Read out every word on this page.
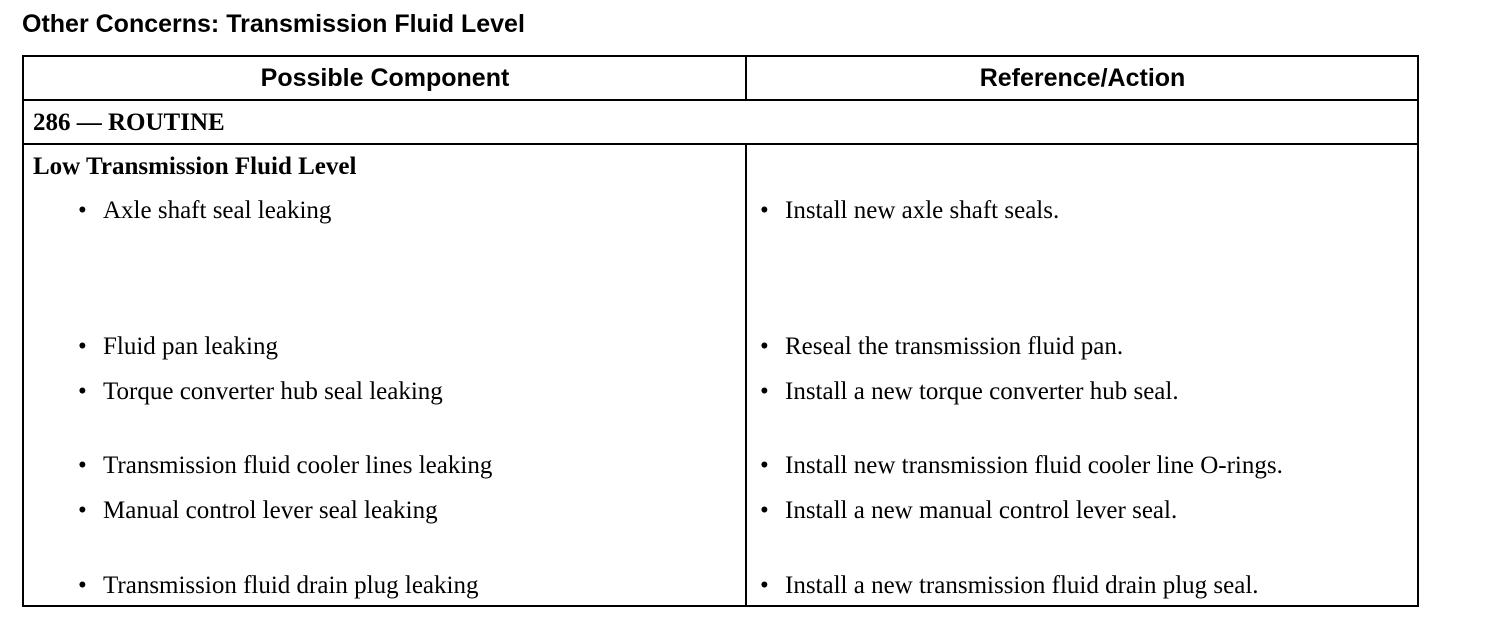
Other Concerns: Transmission Fluid Level
Possible Component	Reference/Action
286 — ROUTINE
Low Transmission Fluid Level
• Axle shaft seal leaking	• Install new axle shaft seals.
• Fluid pan leaking	• Reseal the transmission fluid pan.
• Torque converter hub seal leaking	• Install a new torque converter hub seal.
• Transmission fluid cooler lines leaking	• Install new transmission fluid cooler line O-rings.
• Manual control lever seal leaking	• Install a new manual control lever seal.
• Transmission fluid drain plug leaking	• Install a new transmission fluid drain plug seal.
